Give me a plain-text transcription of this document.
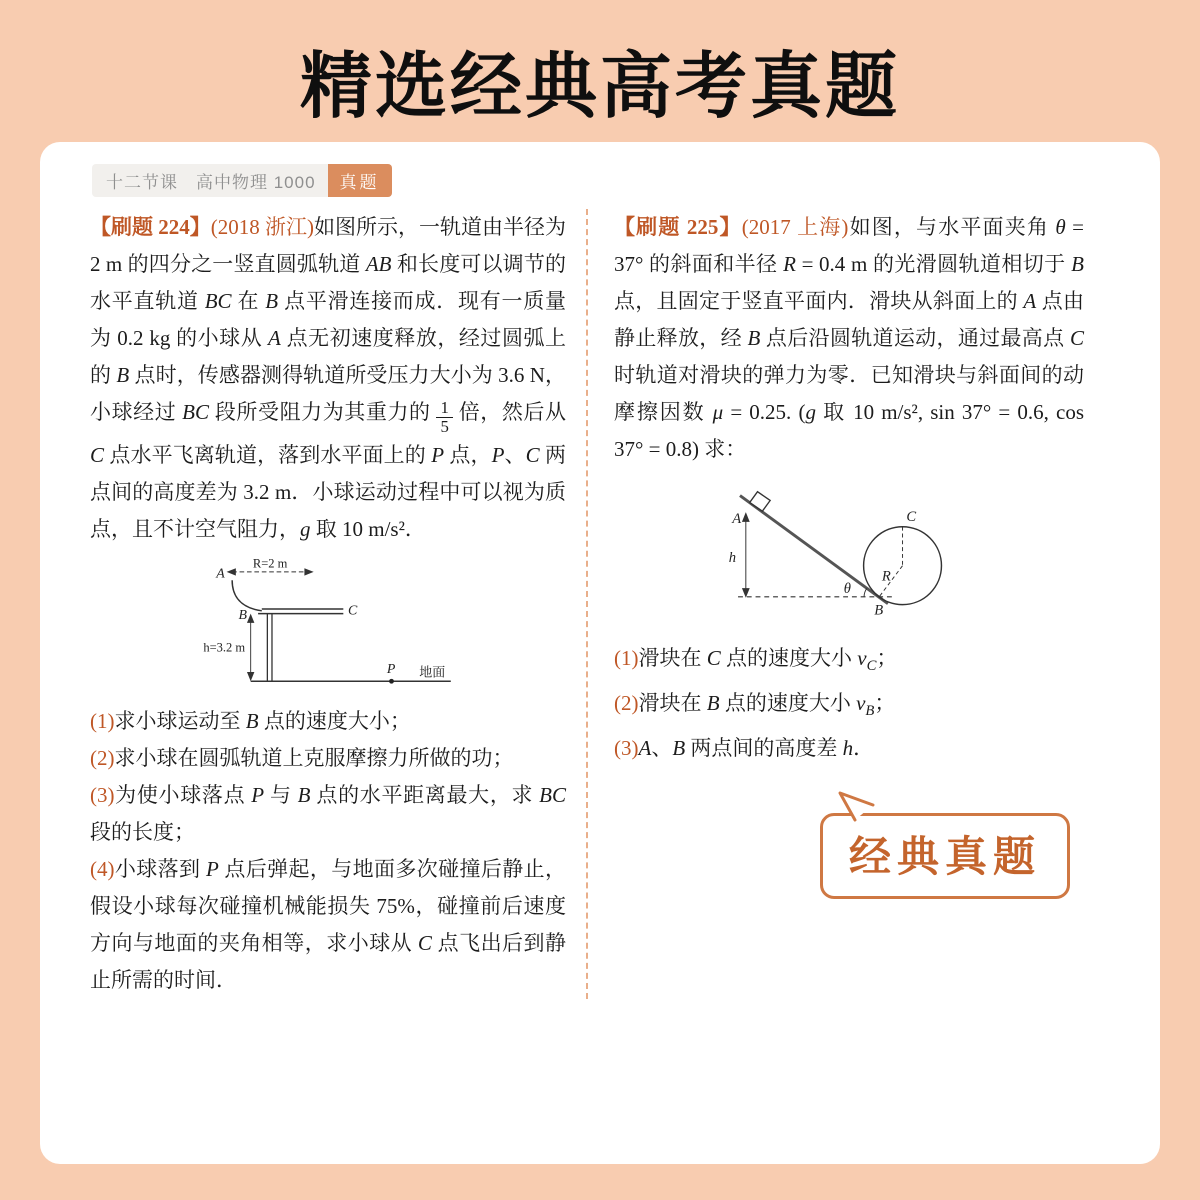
精选经典高考真题
十二节课　高中物理 1000	真题

【刷题 224】(2018 浙江)如图所示，一轨道由半径为 2 m 的四分之一竖直圆弧轨道 AB 和长度可以调节的水平直轨道 BC 在 B 点平滑连接而成．现有一质量为 0.2 kg 的小球从 A 点无初速度释放，经过圆弧上的 B 点时，传感器测得轨道所受压力大小为 3.6 N，小球经过 BC 段所受阻力为其重力的 $\frac{1}{5}$ 倍，然后从 C 点水平飞离轨道，落到水平面上的 P 点，P、C 两点间的高度差为 3.2 m．小球运动过程中可以视为质点，且不计空气阻力，g 取 10 m/s²．

R=2 m
A
B	C
h=3.2 m
P 地面

(1)求小球运动至 B 点的速度大小；

(2)求小球在圆弧轨道上克服摩擦力所做的功；

(3)为使小球落点 P 与 B 点的水平距离最大，求 BC 段的长度；

(4)小球落到 P 点后弹起，与地面多次碰撞后静止，假设小球每次碰撞机械能损失 75%，碰撞前后速度方向与地面的夹角相等，求小球从 C 点飞出后到静止所需的时间．

【刷题 225】(2017 上海)如图，与水平面夹角 θ = 37° 的斜面和半径 R = 0.4 m 的光滑圆轨道相切于 B 点，且固定于竖直平面内．滑块从斜面上的 A 点由静止释放，经 B 点后沿圆轨道运动，通过最高点 C 时轨道对滑块的弹力为零．已知滑块与斜面间的动摩擦因数 μ = 0.25. (g 取 10 m/s², sin 37° = 0.6, cos 37° = 0.8) 求：

A
h
θ
C
R
B

(1)滑块在 C 点的速度大小 $v_C$；

(2)滑块在 B 点的速度大小 $v_B$；

(3)A、B 两点间的高度差 h．

经典真题
